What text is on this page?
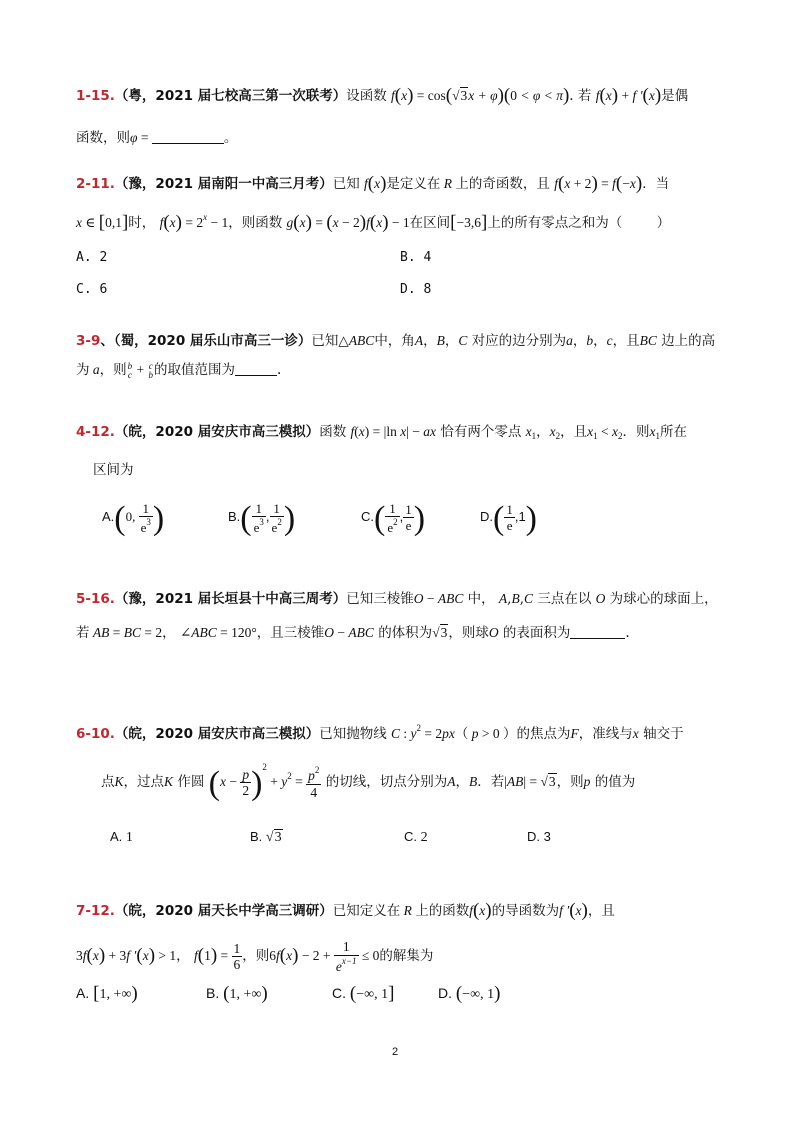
1-15.（粤，2021 届七校高三第一次联考）设函数 f(x) = cos(√3x + φ)(0 < φ < π). 若 f(x) + f '(x)是偶
函数，则φ =	。
2-11.（豫，2021 届南阳一中高三月考）已知 f(x)是定义在 R 上的奇函数，且 f(x + 2) = f(−x)．当
x ∈ [0,1]时， $f(x) = 2^x - 1$，则函数 g(x) = (x − 2)f(x) − 1在区间[−3,6]上的所有零点之和为（	）
A. 2	B. 4
C. 6	D. 8
3-9、（蜀，2020 届乐山市高三一诊）已知△ABC中，角A，B，C 对应的边分别为a，b，c，且BC 边上的高
为 a，则 b
c + c
b 的取值范围为	.
4-12.（皖，2020 届安庆市高三模拟）函数 f(x) = |ln x| − ax 恰有两个零点 $x_1$，$x_2$，且$x_1 < x_2$．则$x_1$所在
区间为
A.(0, $\frac{1}{e^3}$ )	$B.( \frac{1}{e^3}$ , $\frac{1}{e^2}$ )	$C.( \frac{1}{e^2}$ , $\frac{1}{e}$ )	$D.( \frac{1}{e} ,1)$
5-16.（豫，2021 届长垣县十中高三周考）已知三棱锥O − ABC 中， A,B,C 三点在以 O 为球心的球面上，
若 AB = BC = 2， ∠ABC = 120°，且三棱锥O − ABC 的体积为√3，则球O 的表面积为	.
6-10.（皖，2020 届安庆市高三模拟）已知抛物线 C : $y^2 = 2px$（ p > 0 ）的焦点为F，准线与x 轴交于
点K，过点K 作圆 $(x - \frac{p}{2} )^2 + y^2 = \frac{p^2}{4}$ 的切线，切点分别为A，B．若|AB| = √3，则p 的值为
A. 1	B. √3	C. 2	D. 3
7-12.（皖，2020 届天长中学高三调研）已知定义在 R 上的函数f(x)的导函数为f ′(x)，且
3f(x) + 3f ′(x) > 1， $f(1) = \frac{1}{6}$ ，则$6f(x) - 2 + \frac{1}{e^{x-1}} \le 0$的解集为
A. [1, +∞)	B. (1, +∞)	C. (−∞, 1]	D. (−∞, 1)
2
